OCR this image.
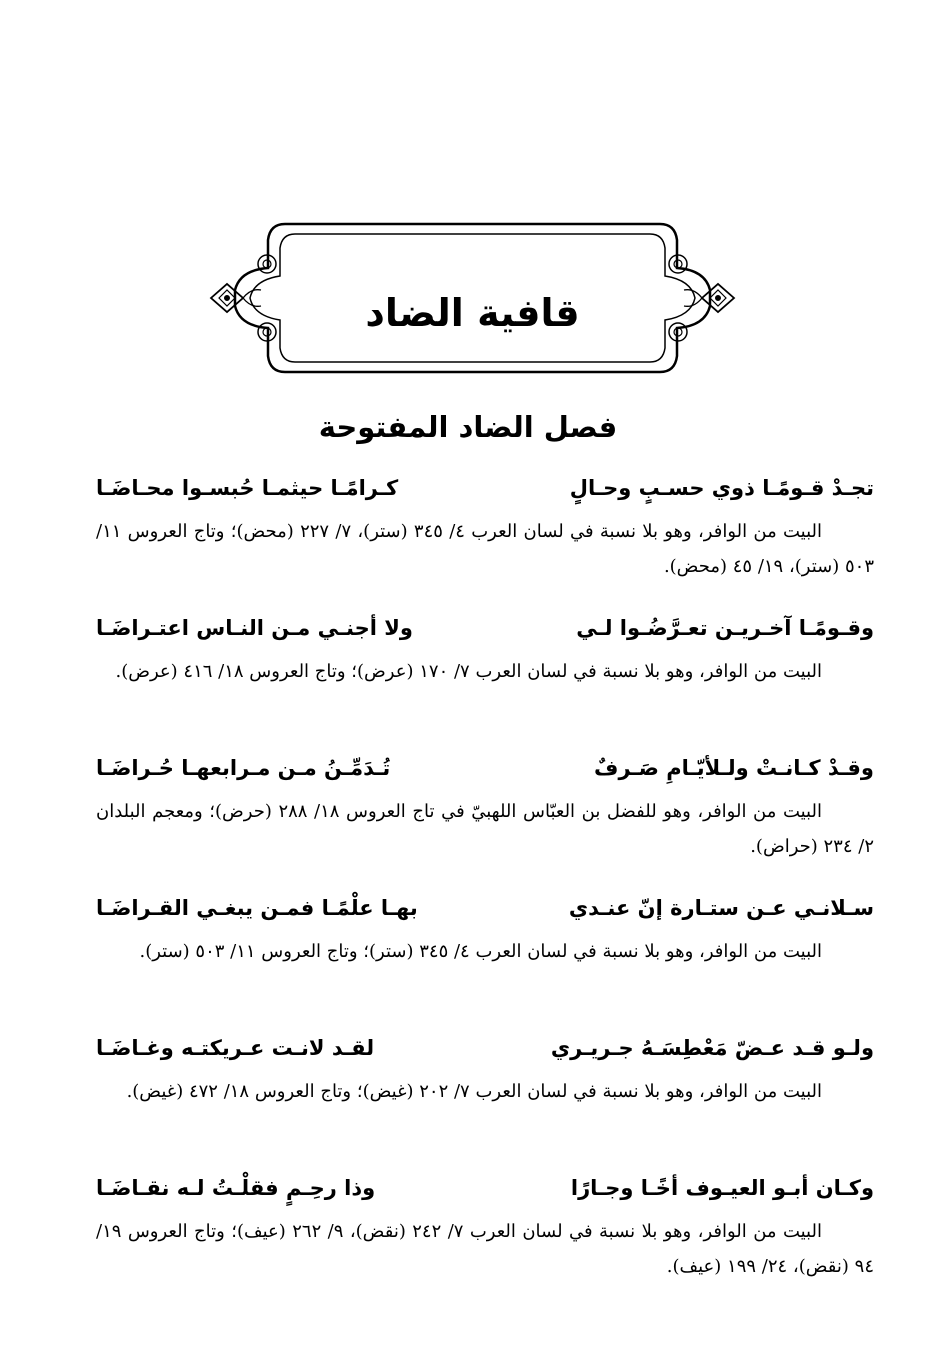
قافية الضاد
فصل الضاد المفتوحة
تجـدْ قـومًـا ذوي حسـبٍ وحـالٍ
كـرامًـا حيثمـا حُبسـوا محـاضَـا

البيت من الوافر، وهو بلا نسبة في لسان العرب ٤/ ٣٤٥ (ستر)، ٧/ ٢٢٧ (محض)؛ وتاج العروس ١١/ ٥٠٣ (ستر)، ١٩/ ٤٥ (محض).

وقـومًـا آخـريـن تعـرَّضُـوا لـي
ولا أجنـي مـن النـاس اعتـراضَـا

البيت من الوافر، وهو بلا نسبة في لسان العرب ٧/ ١٧٠ (عرض)؛ وتاج العروس ١٨/ ٤١٦ (عرض).

وقـدْ كـانـتْ ولـلأيّـامِ صَـرفٌ
تُـدَمِّـنُ مـن مـرابعهـا حُـراضَـا

البيت من الوافر، وهو للفضل بن العبّاس اللهبيّ في تاج العروس ١٨/ ٢٨٨ (حرض)؛ ومعجم البلدان ٢/ ٢٣٤ (حراض).

سـلانـي عـن ستـارة إنّ عنـدي
بهـا علْمًـا فمـن يبغـي القـراضَـا

البيت من الوافر، وهو بلا نسبة في لسان العرب ٤/ ٣٤٥ (ستر)؛ وتاج العروس ١١/ ٥٠٣ (ستر).

ولـو قـد عـضّ مَعْطِسَـهُ جـريـري
لقـد لانـت عـريكتـه وغـاضَـا

البيت من الوافر، وهو بلا نسبة في لسان العرب ٧/ ٢٠٢ (غيض)؛ وتاج العروس ١٨/ ٤٧٢ (غيض).

وكـان أبـو العيـوف أخًـا وجـارًا
وذا رحِـمٍ فقلْـتُ لـه نقـاضَـا

البيت من الوافر، وهو بلا نسبة في لسان العرب ٧/ ٢٤٢ (نقض)، ٩/ ٢٦٢ (عيف)؛ وتاج العروس ١٩/ ٩٤ (نقض)، ٢٤/ ١٩٩ (عيف).
